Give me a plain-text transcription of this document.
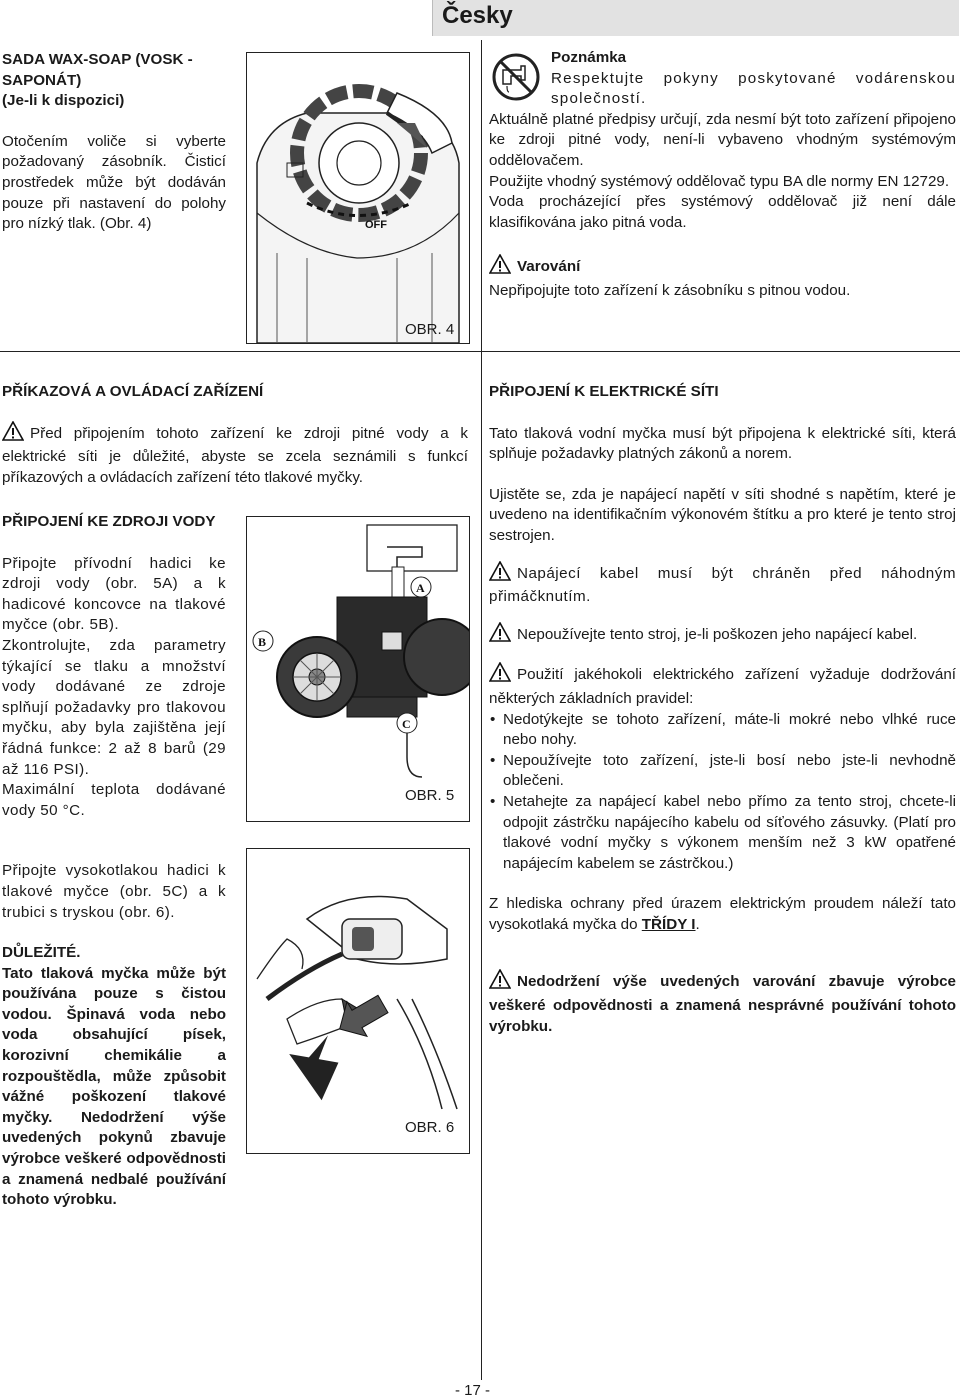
Česky

SADA WAX-SOAP (VOSK - SAPONÁT)

(Je-li k dispozici)

Otočením voliče si vyberte požadovaný zásobník. Čisticí prostředek může být dodáván pouze při nastavení do polohy pro nízký tlak. (Obr. 4)	OFF
OBR. 4

Poznámka

Respektujte pokyny poskytované vodárenskou společností.

Aktuálně platné předpisy určují, zda nesmí být toto zařízení připojeno ke zdroji pitné vody, není-li vybaveno vhodným systémovým oddělovačem.

Použijte vhodný systémový oddělovač typu BA dle normy EN 12729.

Voda procházející přes systémový oddělovač již není dále klasifikována jako pitná voda.

Varování

Nepřipojujte toto zařízení k zásobníku s pitnou vodou.

PŘÍKAZOVÁ A OVLÁDACÍ ZAŘÍZENÍ

Před připojením tohoto zařízení ke zdroji pitné vody a k elektrické síti je důležité, abyste se zcela seznámili s funkcí příkazových a ovládacích zařízení této tlakové myčky.

PŘIPOJENÍ KE ZDROJI VODY

Připojte přívodní hadici ke zdroji vody (obr. 5A) a k hadicové koncovce na tlakové myčce (obr. 5B).

Zkontrolujte, zda parametry týkající se tlaku a množství vody dodávané ze zdroje splňují požadavky pro tlakovou myčku, aby byla zajištěna její řádná funkce: 2 až 8 barů (29 až 116 PSI).

Maximální teplota dodávané vody 50 °C.

Připojte vysokotlakou hadici k tlakové myčce (obr. 5C) a k trubici s tryskou (obr. 6).

DŮLEŽITÉ.

Tato tlaková myčka může být používána pouze s čistou vodou. Špinavá voda nebo voda obsahující písek, korozivní chemikálie a rozpouštědla, může způsobit vážné poškození tlakové myčky. Nedodržení výše uvedených pokynů zbavuje výrobce veškeré odpovědnosti a znamená nedbalé používání tohoto výrobku.

A
B
C
OBR. 5
OBR. 6

PŘIPOJENÍ K ELEKTRICKÉ SÍTI

Tato tlaková vodní myčka musí být připojena k elektrické síti, která splňuje požadavky platných zákonů a norem.

Ujistěte se, zda je napájecí napětí v síti shodné s napětím, které je uvedeno na identifikačním výkonovém štítku a pro které je tento stroj sestrojen.

Napájecí kabel musí být chráněn před náhodným přimáčknutím.

Nepoužívejte tento stroj, je-li poškozen jeho napájecí kabel.

Použití jakéhokoli elektrického zařízení vyžaduje dodržování některých základních pravidel:

• Nedotýkejte se tohoto zařízení, máte-li mokré nebo vlhké ruce nebo nohy.
• Nepoužívejte toto zařízení, jste-li bosí nebo jste-li nevhodně oblečeni.
• Netahejte za napájecí kabel nebo přímo za tento stroj, chcete-li odpojit zástrčku napájecího kabelu od síťového zásuvky. (Platí pro tlakové vodní myčky s výkonem menším než 3 kW opatřené napájecím kabelem se zástrčkou.)

Z hlediska ochrany před úrazem elektrickým proudem náleží tato vysokotlaká myčka do TŘÍDY I.

Nedodržení výše uvedených varování zbavuje výrobce veškeré odpovědnosti a znamená nesprávné používání tohoto výrobku.

- 17 -
